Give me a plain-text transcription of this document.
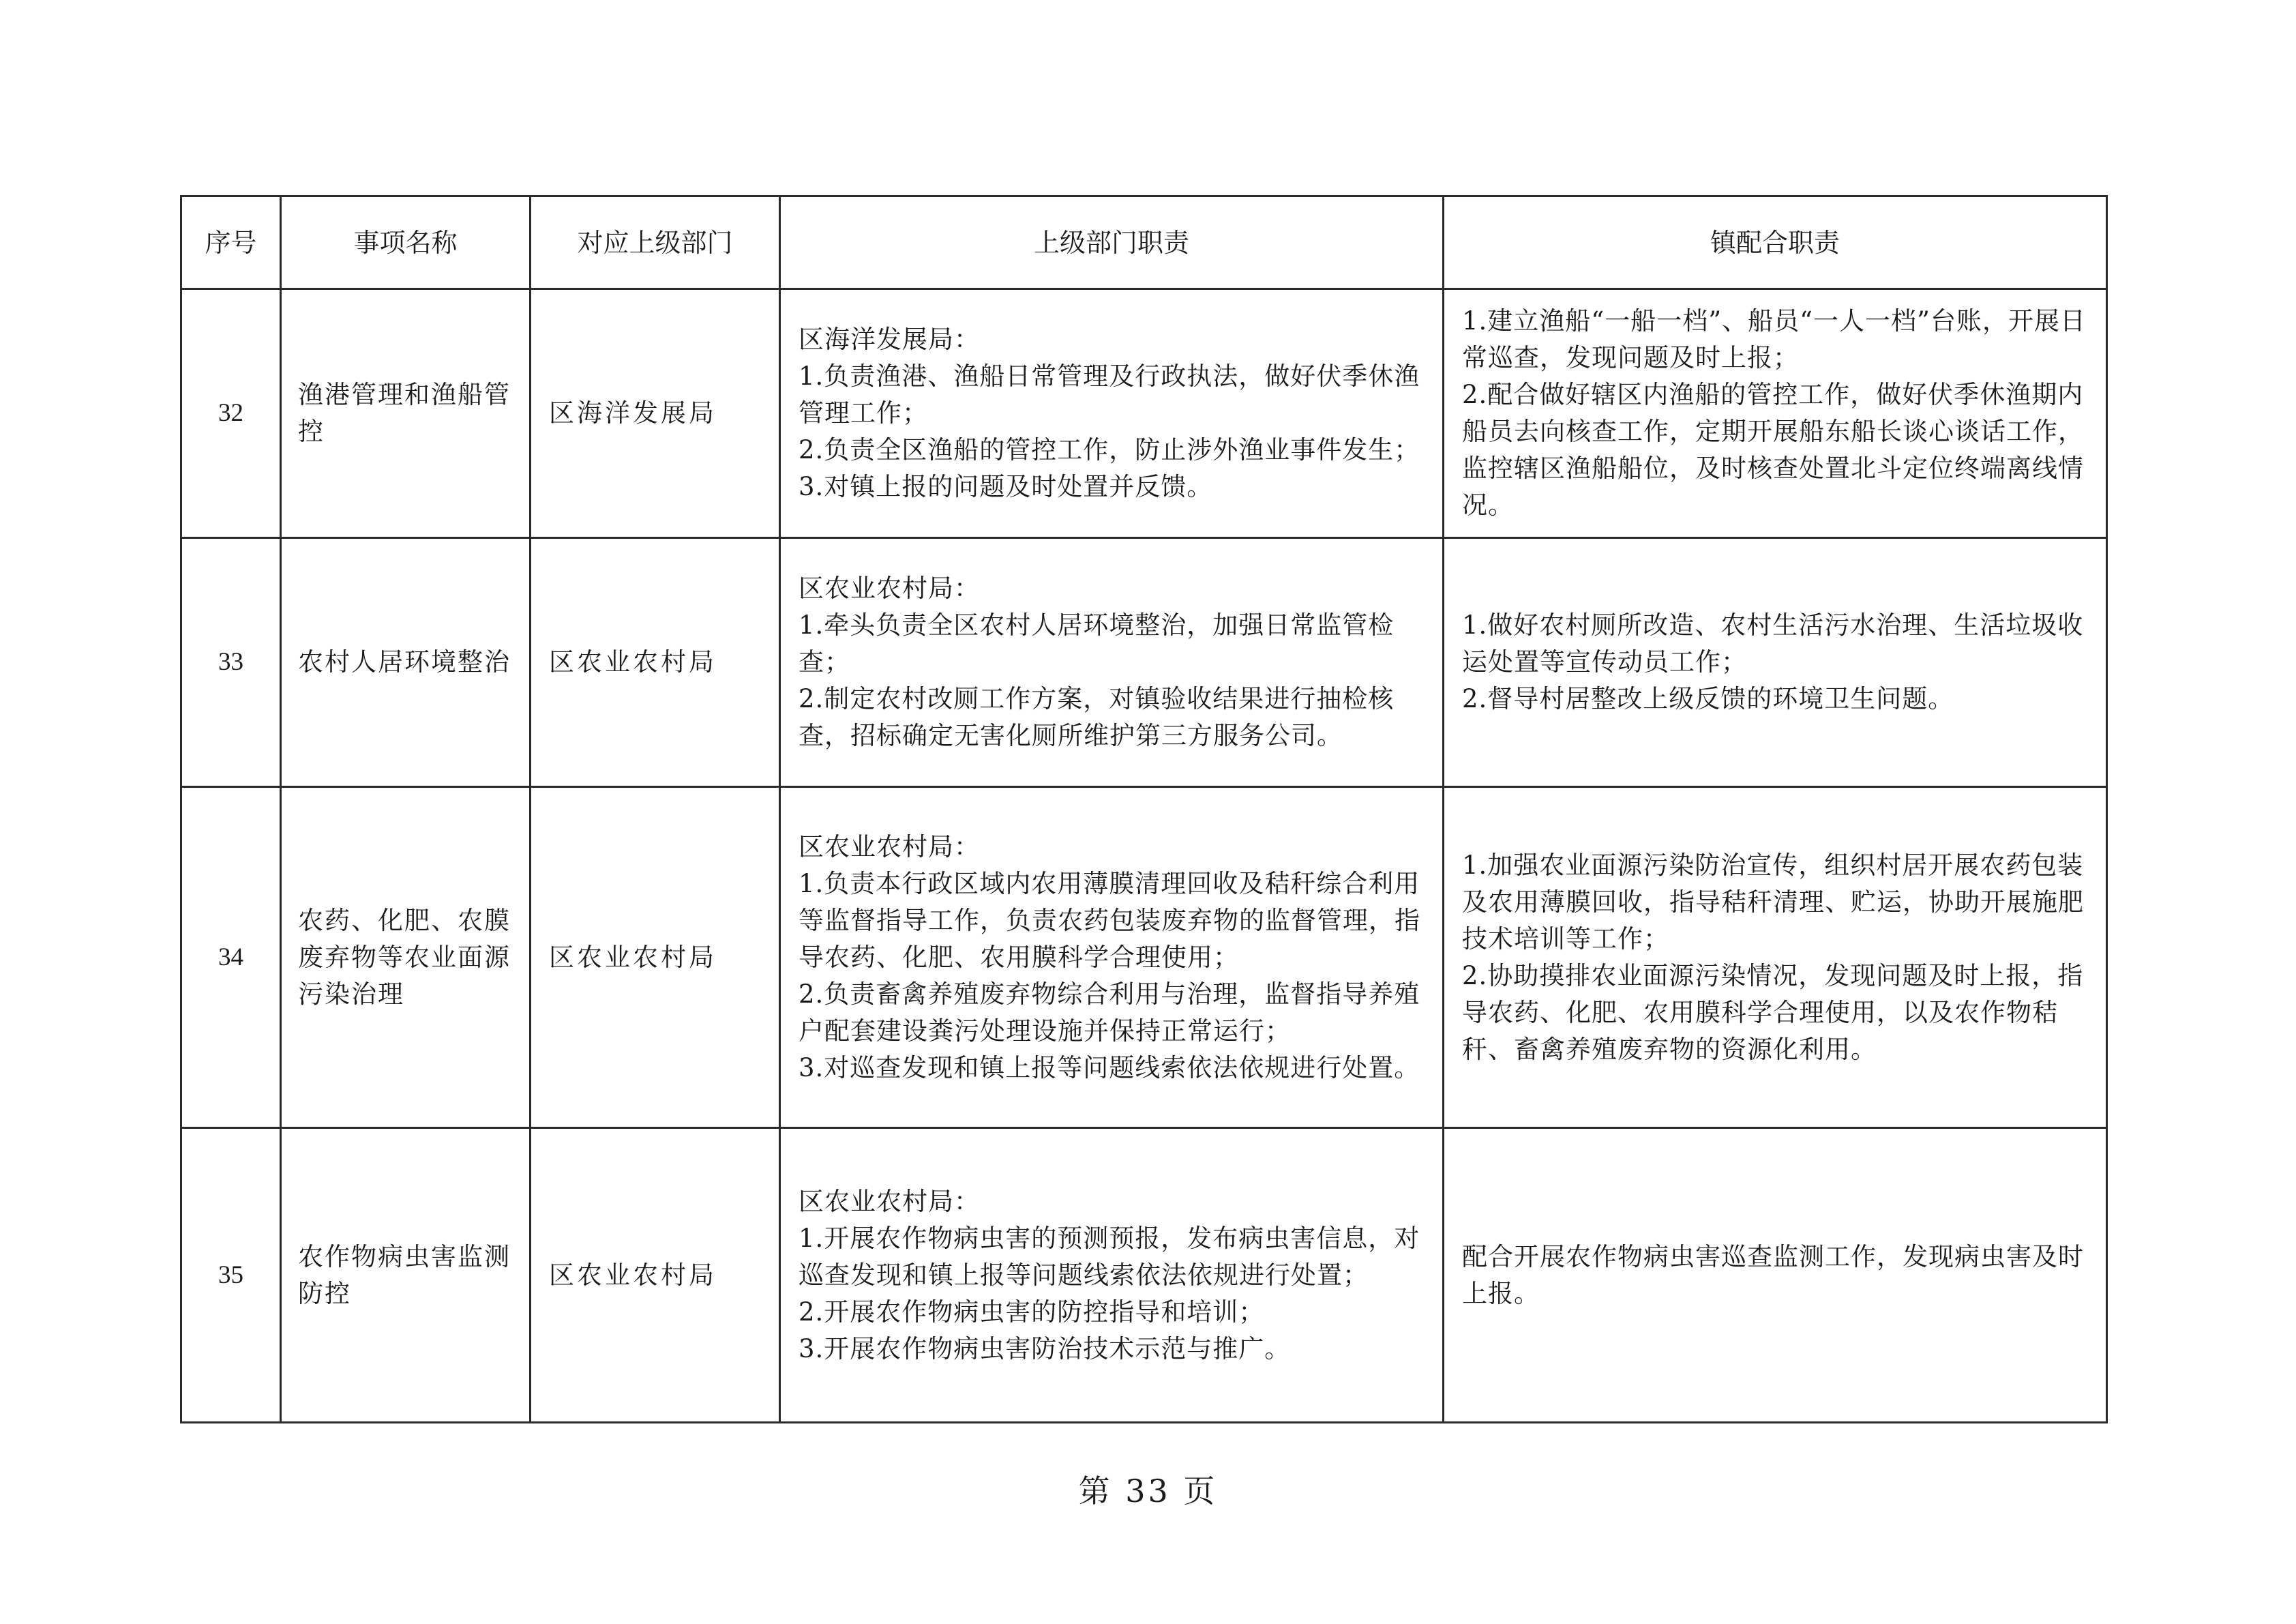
序号	事项名称	对应上级部门	上级部门职责	镇配合职责
32	渔港管理和渔船管控	区海洋发展局	区海洋发展局：
1.负责渔港、渔船日常管理及行政执法，做好伏季休渔管理工作；
2.负责全区渔船的管控工作，防止涉外渔业事件发生；
3.对镇上报的问题及时处置并反馈。	1.建立渔船“一船一档”、船员“一人一档”台账，开展日常巡查，发现问题及时上报；
2.配合做好辖区内渔船的管控工作，做好伏季休渔期内船员去向核查工作，定期开展船东船长谈心谈话工作，监控辖区渔船船位，及时核查处置北斗定位终端离线情况。

33	农村人居环境整治	区农业农村局	区农业农村局：
1.牵头负责全区农村人居环境整治，加强日常监管检查；
2.制定农村改厕工作方案，对镇验收结果进行抽检核查，招标确定无害化厕所维护第三方服务公司。	1.做好农村厕所改造、农村生活污水治理、生活垃圾收运处置等宣传动员工作；
2.督导村居整改上级反馈的环境卫生问题。

34	农药、化肥、农膜废弃物等农业面源污染治理	区农业农村局	区农业农村局：
1.负责本行政区域内农用薄膜清理回收及秸秆综合利用等监督指导工作，负责农药包装废弃物的监督管理，指导农药、化肥、农用膜科学合理使用；
2.负责畜禽养殖废弃物综合利用与治理，监督指导养殖户配套建设粪污处理设施并保持正常运行；
3.对巡查发现和镇上报等问题线索依法依规进行处置。	1.加强农业面源污染防治宣传，组织村居开展农药包装及农用薄膜回收，指导秸秆清理、贮运，协助开展施肥技术培训等工作；
2.协助摸排农业面源污染情况，发现问题及时上报，指导农药、化肥、农用膜科学合理使用，以及农作物秸秆、畜禽养殖废弃物的资源化利用。

35	农作物病虫害监测防控	区农业农村局	区农业农村局：
1.开展农作物病虫害的预测预报，发布病虫害信息，对巡查发现和镇上报等问题线索依法依规进行处置；
2.开展农作物病虫害的防控指导和培训；
3.开展农作物病虫害防治技术示范与推广。	配合开展农作物病虫害巡查监测工作，发现病虫害及时上报。
第 33 页
